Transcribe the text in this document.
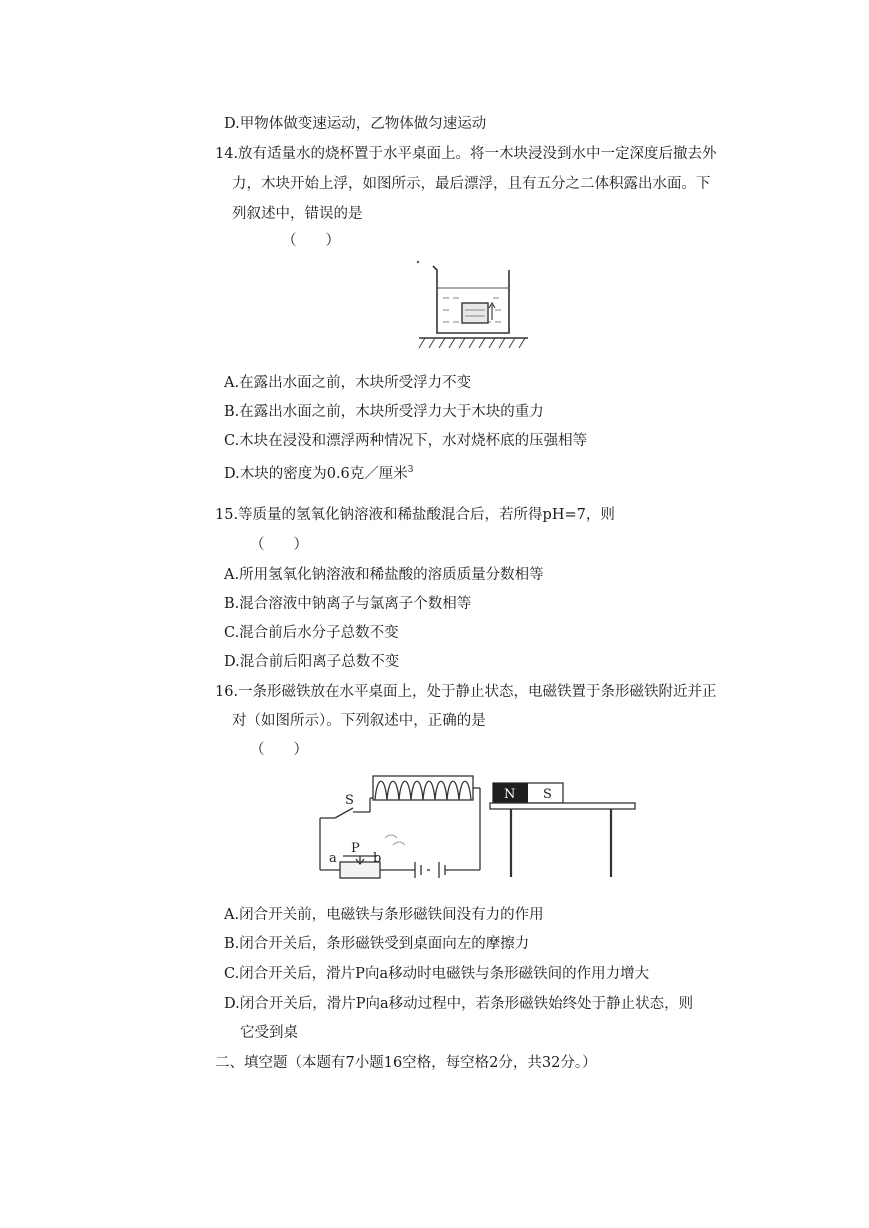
D.甲物体做变速运动，乙物体做匀速运动
14.放有适量水的烧杯置于水平桌面上。将一木块浸没到水中一定深度后撤去外
力，木块开始上浮，如图所示，最后漂浮，且有五分之二体积露出水面。下
列叙述中，错误的是
（　　）
A.在露出水面之前，木块所受浮力不变
B.在露出水面之前，木块所受浮力大于木块的重力
C.木块在浸没和漂浮两种情况下，水对烧杯底的压强相等
D.木块的密度为0.6克／厘米$^3$
15.等质量的氢氧化钠溶液和稀盐酸混合后，若所得pH=7，则
（　　）
A.所用氢氧化钠溶液和稀盐酸的溶质质量分数相等
B.混合溶液中钠离子与氯离子个数相等
C.混合前后水分子总数不变
D.混合前后阳离子总数不变
16.一条形磁铁放在水平桌面上，处于静止状态，电磁铁置于条形磁铁附近并正
对（如图所示）。下列叙述中，正确的是
（　　）
S
a
P
b
N S
A.闭合开关前，电磁铁与条形磁铁间没有力的作用
B.闭合开关后，条形磁铁受到桌面向左的摩擦力
C.闭合开关后，滑片P向a移动时电磁铁与条形磁铁间的作用力增大
D.闭合开关后，滑片P向a移动过程中，若条形磁铁始终处于静止状态，则
它受到桌
二、填空题（本题有7小题16空格，每空格2分，共32分。）
